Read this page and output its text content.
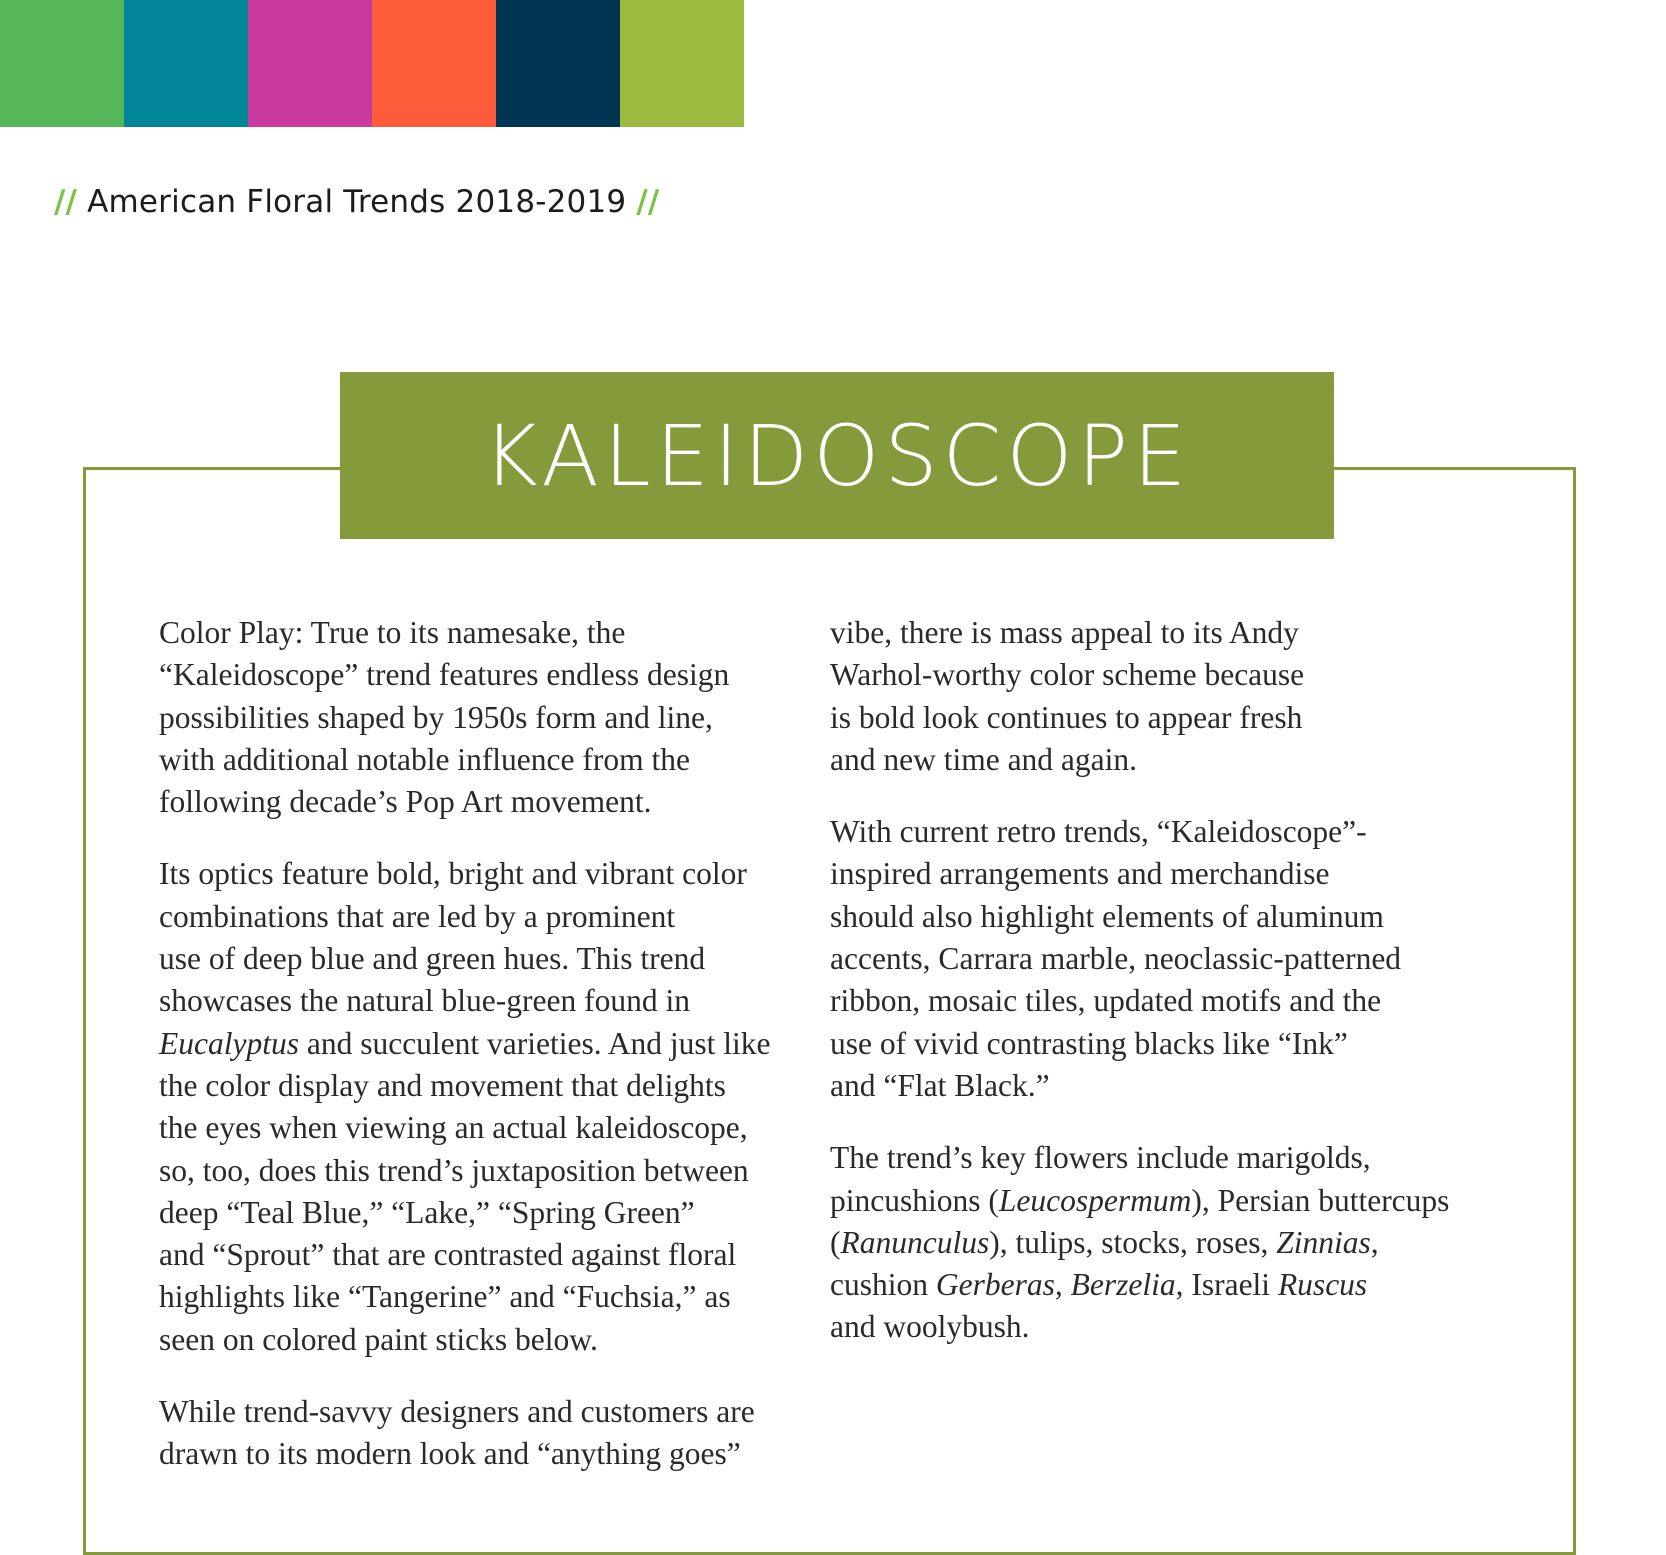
// American Floral Trends 2018-2019 //
KALEIDOSCOPE

Color Play: True to its namesake, the
“Kaleidoscope” trend features endless design
possibilities shaped by 1950s form and line,
with additional notable influence from the
following decade’s Pop Art movement.

Its optics feature bold, bright and vibrant color
combinations that are led by a prominent
use of deep blue and green hues. This trend
showcases the natural blue-green found in
Eucalyptus and succulent varieties. And just like
the color display and movement that delights
the eyes when viewing an actual kaleidoscope,
so, too, does this trend’s juxtaposition between
deep “Teal Blue,” “Lake,” “Spring Green”
and “Sprout” that are contrasted against floral
highlights like “Tangerine” and “Fuchsia,” as
seen on colored paint sticks below.

While trend-savvy designers and customers are
drawn to its modern look and “anything goes”

vibe, there is mass appeal to its Andy
Warhol-worthy color scheme because
is bold look continues to appear fresh
and new time and again.

With current retro trends, “Kaleidoscope”-
inspired arrangements and merchandise
should also highlight elements of aluminum
accents, Carrara marble, neoclassic-patterned
ribbon, mosaic tiles, updated motifs and the
use of vivid contrasting blacks like “Ink”
and “Flat Black.”

The trend’s key flowers include marigolds,
pincushions (Leucospermum), Persian buttercups
(Ranunculus), tulips, stocks, roses, Zinnias,
cushion Gerberas, Berzelia, Israeli Ruscus
and woolybush.
